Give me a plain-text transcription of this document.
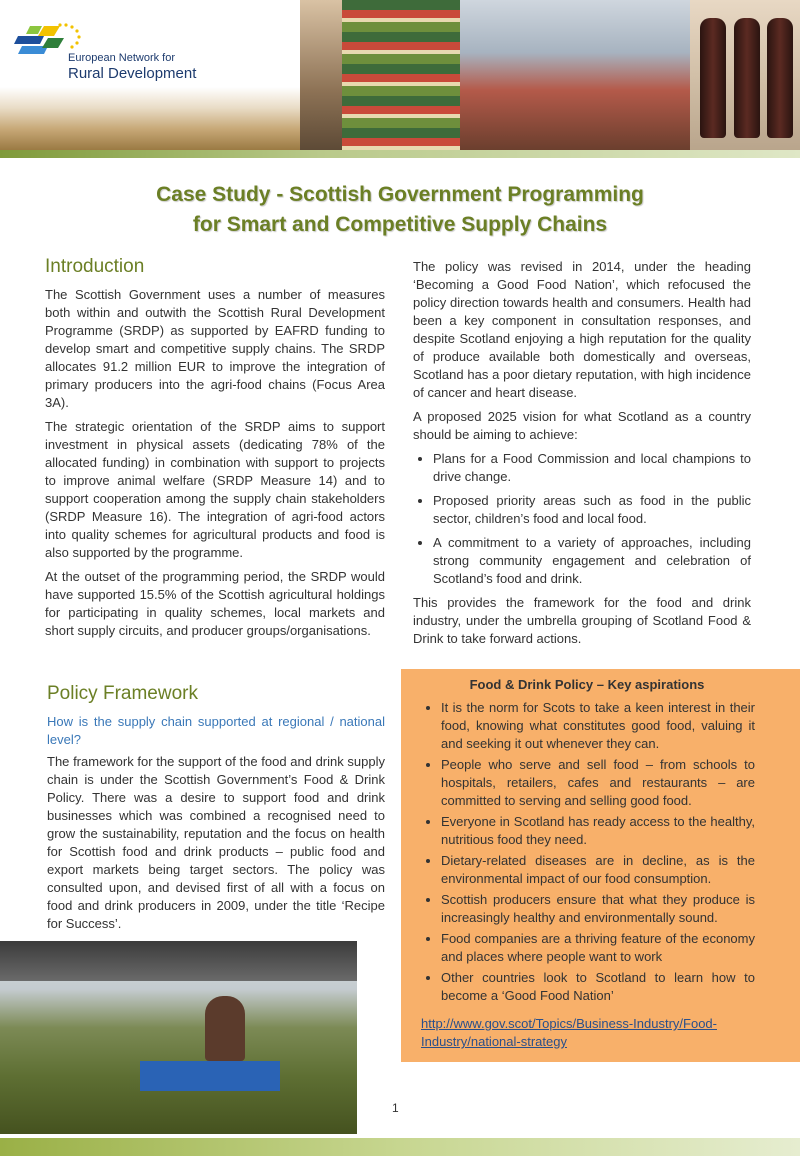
European Network for
Rural Development
Case Study - Scottish Government Programming
for Smart and Competitive Supply Chains
Introduction

The Scottish Government uses a number of measures both within and outwith the Scottish Rural Development Programme (SRDP) as supported by EAFRD funding to develop smart and competitive supply chains. The SRDP allocates 91.2 million EUR to improve the integration of primary producers into the agri-food chains (Focus Area 3A).

The strategic orientation of the SRDP aims to support investment in physical assets (dedicating 78% of the allocated funding) in combination with support to projects to improve animal welfare (SRDP Measure 14) and to support cooperation among the supply chain stakeholders (SRDP Measure 16). The integration of agri-food actors into quality schemes for agricultural products and food is also supported by the programme.

At the outset of the programming period, the SRDP would have supported 15.5% of the Scottish agricultural holdings for participating in quality schemes, local markets and short supply circuits, and producer groups/organisations.

The policy was revised in 2014, under the heading ‘Becoming a Good Food Nation’, which refocused the policy direction towards health and consumers. Health had been a key component in consultation responses, and despite Scotland enjoying a high reputation for the quality of produce available both domestically and overseas, Scotland has a poor dietary reputation, with high incidence of cancer and heart disease.

A proposed 2025 vision for what Scotland as a country should be aiming to achieve:

• Plans for a Food Commission and local champions to drive change.
• Proposed priority areas such as food in the public sector, children’s food and local food.
• A commitment to a variety of approaches, including strong community engagement and celebration of Scotland’s food and drink.

This provides the framework for the food and drink industry, under the umbrella grouping of Scotland Food & Drink to take forward actions.

Policy Framework
How is the supply chain supported at regional / national level?

The framework for the support of the food and drink supply chain is under the Scottish Government’s Food & Drink Policy. There was a desire to support food and drink businesses which was combined a recognised need to grow the sustainability, reputation and the focus on health for Scottish food and drink products – public food and export markets being target sectors. The policy was consulted upon, and devised first of all with a focus on food and drink producers in 2009, under the title ‘Recipe for Success’.

Food & Drink Policy – Key aspirations
• It is the norm for Scots to take a keen interest in their food, knowing what constitutes good food, valuing it and seeking it out whenever they can.
• People who serve and sell food – from schools to hospitals, retailers, cafes and restaurants – are committed to serving and selling good food.
• Everyone in Scotland has ready access to the healthy, nutritious food they need.
• Dietary-related diseases are in decline, as is the environmental impact of our food consumption.
• Scottish producers ensure that what they produce is increasingly healthy and environmentally sound.
• Food companies are a thriving feature of the economy and places where people want to work
• Other countries look to Scotland to learn how to become a ‘Good Food Nation’
http://www.gov.scot/Topics/Business-Industry/Food-Industry/national-strategy
1
